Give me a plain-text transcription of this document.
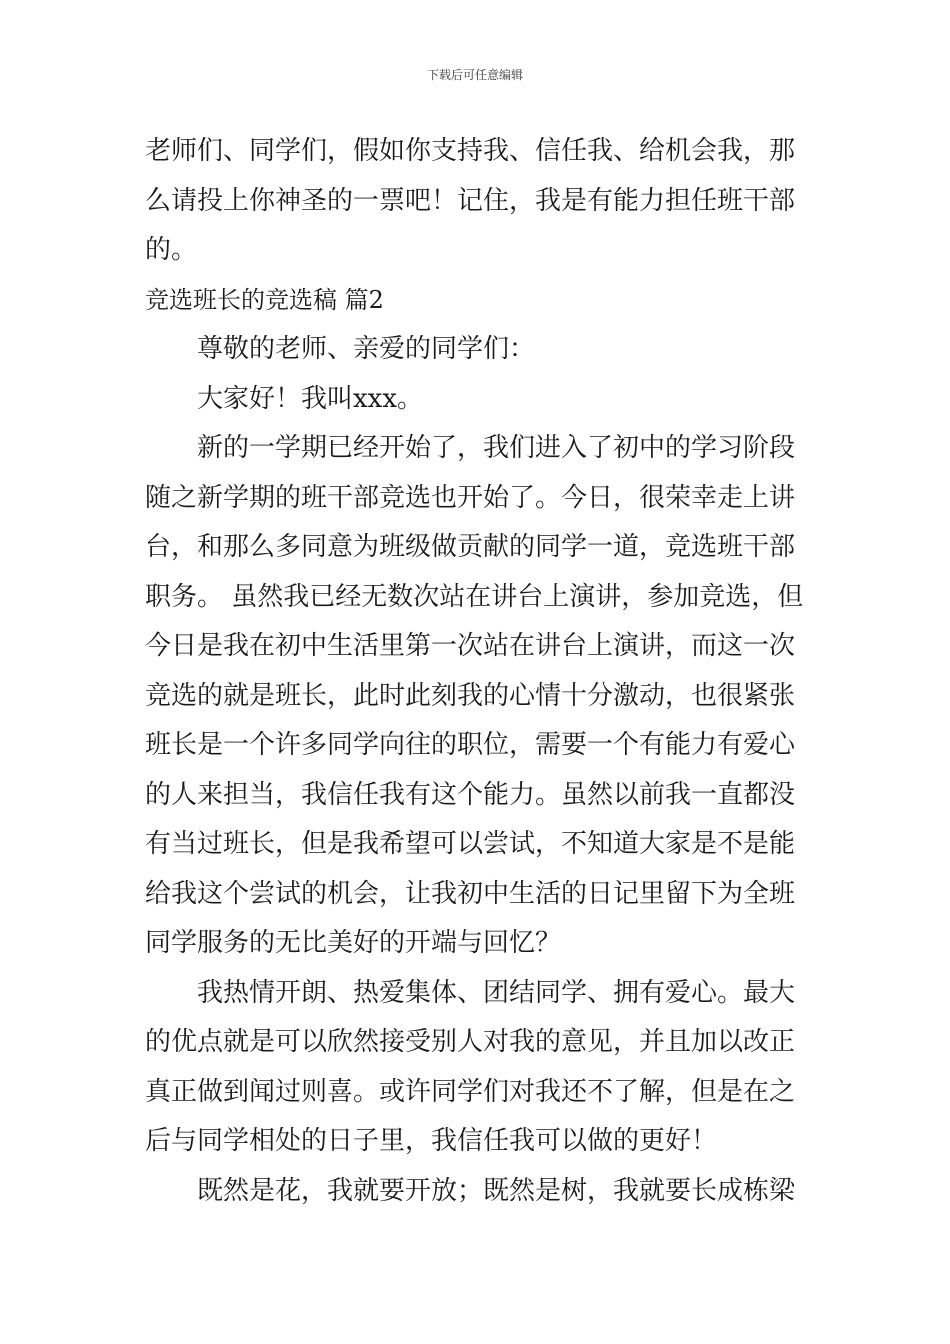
下载后可任意编辑
老师们、同学们，假如你支持我、信任我、给机会我，那
么请投上你神圣的一票吧！记住，我是有能力担任班干部
的。
竞选班长的竞选稿 篇2
尊敬的老师、亲爱的同学们：
大家好！我叫xxx。
新的一学期已经开始了，我们进入了初中的学习阶段
随之新学期的班干部竞选也开始了。今日，很荣幸走上讲
台，和那么多同意为班级做贡献的同学一道，竞选班干部
职务。 虽然我已经无数次站在讲台上演讲，参加竞选，但
今日是我在初中生活里第一次站在讲台上演讲，而这一次
竞选的就是班长，此时此刻我的心情十分激动，也很紧张
班长是一个许多同学向往的职位，需要一个有能力有爱心
的人来担当，我信任我有这个能力。虽然以前我一直都没
有当过班长，但是我希望可以尝试，不知道大家是不是能
给我这个尝试的机会，让我初中生活的日记里留下为全班
同学服务的无比美好的开端与回忆？
我热情开朗、热爱集体、团结同学、拥有爱心。最大
的优点就是可以欣然接受别人对我的意见，并且加以改正
真正做到闻过则喜。或许同学们对我还不了解，但是在之
后与同学相处的日子里，我信任我可以做的更好！
既然是花，我就要开放；既然是树，我就要长成栋梁
